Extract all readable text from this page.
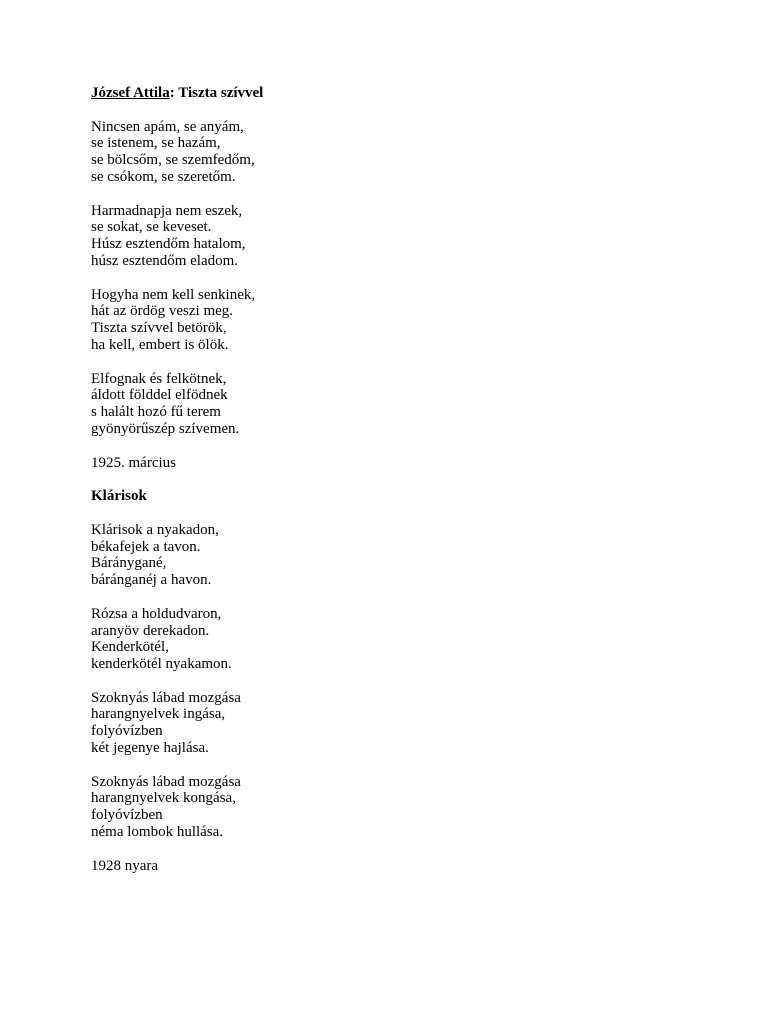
József Attila: Tiszta szívvel

Nincsen apám, se anyám,

se istenem, se hazám,

se bölcsőm, se szemfedőm,

se csókom, se szeretőm.

Harmadnapja nem eszek,

se sokat, se keveset.

Húsz esztendőm hatalom,

húsz esztendőm eladom.

Hogyha nem kell senkinek,

hát az ördög veszi meg.

Tiszta szívvel betörök,

ha kell, embert is ölök.

Elfognak és felkötnek,

áldott földdel elfödnek

s halált hozó fű terem

gyönyörűszép szívemen.

1925. március

Klárisok

Klárisok a nyakadon,

békafejek a tavon.

Báránygané,

báránganéj a havon.

Rózsa a holdudvaron,

aranyöv derekadon.

Kenderkötél,

kenderkötél nyakamon.

Szoknyás lábad mozgása

harangnyelvek ingása,

folyóvízben

két jegenye hajlása.

Szoknyás lábad mozgása

harangnyelvek kongása,

folyóvízben

néma lombok hullása.

1928 nyara
